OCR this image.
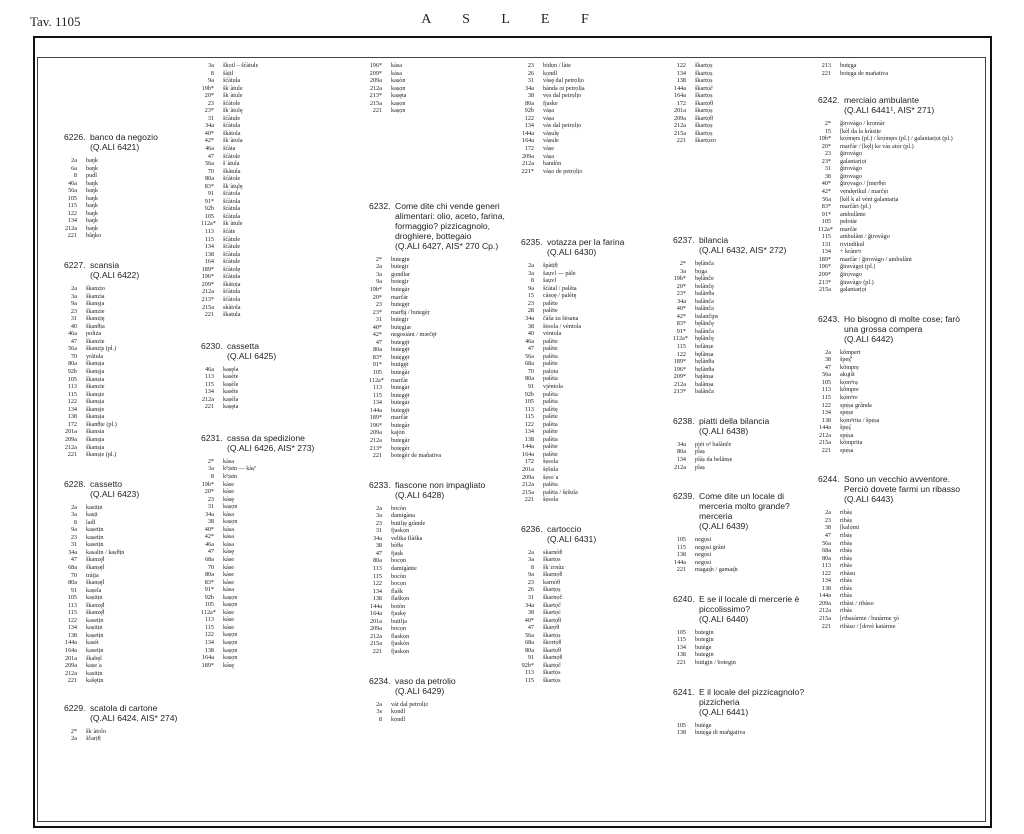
Tav. 1105	A S L E F
6226. banco da negozio
(Q.ALI 6421)
2a	baŋk
6a	baŋk
8	pudl
46a	baŋk
56a	baŋk
105	baŋk
115	baŋk
122	baŋk
134	baŋk
212a	baŋk
221	bãŋko
6227. scansia
(Q.ALI 6422)
2a	škanzịo
3a	škanzia
9a	škanṣja
23	škanzie
31	škanzịę
40	škanθia
46a	poliza
47	škanzie
56a	škanzi̯s (pl.)
70	yrãtula
80a	škanṣịa
92b	škanṣja
105	škanṣia
113	škanzie
115	škanṣịe
122	škanṣịa
134	škanṣịe
138	škanṣịa
172	škanθịe (pl.)
201a	škansia
209a	škanṣịa
212a	škanṣịa
221	škanṣịe (pl.)
6228. cassetto
(Q.ALI 6423)
2a	kasitịn
3a	kaṣịt
8	ladl
9a	kaṣetịn
23	kaṣetịn
31	kasetịn
34a	kasalin / kaṣθịn
47	škanzę̈l
68a	škanṣę̈l
70	tràịịa
80a	škanṣę̈l
91	kaṣela
105	kaṣitịn
113	škanzę̈l
115	škanzę̈l
122	kasetịn
134	kaṣitịn
138	kaṣetịn
144a	kasét
164a	kasetịn
201a	škabęl
209a	kaṣe˙a
212a	kasitịn
221	kašętịn
6229. scatola di cartone
(Q.ALI 6424, AIS* 274)
2*	šk˙àtolo
2a	ščarịθ̣
3a	škọtl – šćàtule
8	šàịtl
9a	šćàtula
19b*	šk˙àtule
20*	šk˙àtule
23	šćàtole
23*	šk˙àtolę
31	šćàtule
34a	šćàtula
40*	škàtola
42*	šk˙àtola
46a	šćàta
47	šćàtole
56a	š˙àtula
70	škàtula
80a	šćàtole
83*	šk˙àtųlę
91	šćàtola
91*	šćàtola
92b	šćàtula
105	šćàtula
112a*	šk˙àtule
113	šćàte
115	šćàtule
134	šćàtule
138	šćàtula
164	šćàtule
189*	šćàtolę
196*	šćàtula
209*	škàtọịa
212a	šćàtula
213*	šćàtola
215a	skàtola
221	škatula
6230. cassetta
(Q.ALI 6425)
46a	kaṣęla
113	kasète
115	kaṣèle
134	kasète
212a	kaṣèla
221	kaṣęta
6231. cassa da spedizione
(Q.ALI 6426, AIS* 273)
2*	kàsa
3a	kʰịstn — kàṣª
8	kʰịstn
19b*	kàse
20*	kàse
23	kàsę
31	kaṣọn
34a	kàsa
38	kaṣọn
40*	kàsa
42*	kàsa
46a	kàsa
47	kàsę
68a	kàse
70	kàse
80a	kàse
83*	kàse
91*	kàsa
92b	kaṣọn
105	kaṣọn
112a*	kàse
113	kàse
115	kàse
122	kaṣọn
134	kaṣọn
138	kaṣọn
164a	kaṣọn
189*	kàsę
196*	kàsa
209*	kàsa
209a	kaṣòn
212a	kaṣọn
213*	kaṣęta
215a	kaṣọn
221	kaṣọn
6232. Come dite chi vende generi alimentari: olio, aceto, farina, formaggio? pizzicagnolo, droghiere, bottegaio
(Q.ALI 6427, AIS* 270 Cp.)
2*	butegịn
2a	butegịr
3a	gọndlar
9a	botegịr
19b*	butegàr
20*	marčàr
23	butegę̈r
23*	marθ̣ą́ / butegè̤r
31	butegịr
40*	butẹgịar
42*	negosiànt / mərčę̈r
47	butegę̈r
80a	butegę̈r
83*	butẹ́gę̈r
91*	butigę̈r
105	butegàr
112a*	marčàr
113	butegàr
115	butegę̈r
134	butegàr
144a	butegę̈r
189*	marčàr
196*	butegàr
209a	kaj̣òn
212a	butegàr
213*	bọtẹgèr
221	botegèr de mañativa
6233. fiascone non impagliato
(Q.ALI 6428)
2a	bocòn
3a	damigàna
23	butilịę grànde
31	fjaskọn
34a	velika flàška
38	bòθa
47	fjaṣk
80a	bocọn
113	damigànte
115	bocòn
122	bocọn
134	flašk
138	flaškọn
144a	botòn
164a	fjaṣkę
201a	butilja
209a	bocọn
212a	flaskọn
215a	fjaskòn
221	fjaskọn
6234. vaso da petrolio
(Q.ALI 6429)
2a	vàt dal petrolịo
3s	kọndl
8	kọndl
23	bidọn / làte
26	kọndl
31	vàsę dal petrọlịo
34a	bànda ot petrọlịa
38	vẹ́s dal petrọlịo
80a	fjaske
92b	vàṣa
122	vàṣa
134	vàs dal petrọlịo
144a	vàṣulę
164a	vàṣule
172	vàṣe
209a	vàṣa
212a	bandòn
221*	vàṣo de petrọ́lịo
6235. votazza per la farina
(Q.ALI 6430)
2a	špàtịθ̣
3a	šaụvl — pàle
8	šaụvl
9a	šćàtal / palèta
15	càṣọę / palètę
23	palète
28	palète
34a	čàša za šėsana
38	šėsola / vèntola
40	vèntola
46a	palète
47	palète
56a	palèta
68a	palète
70	palọta
80a	palèta
91	vjèntola
92b	palèta
105	palèta
113	palètę
115	palète
122	palèta
134	palète
138	palèta
144a	palète
164a	palète
172	šẹ́sola
201a	šẹ́šula
209a	šẹ́so˙a
212a	palèta
215a	palèta / šẹ́šula
221	šẹ́sola
6236. cartoccio
(Q.ALI 6431)
2a	skarnòθ̣
3a	škartọ́s
8	šk˙ɛ́rnùz
9a	škarnọ̀θ̣
23	karnòθ̣
26	škarṭọ́ṣ
31	škarnọ́č
34a	škartọ́č
38	škartọ́ć
40*	škartọ́θ̣
47	škarọ́θ̣
56a	škartọ́ṣ
68a	škortọ́θ̣
80a	škartọ́θ̣
91	škarnọ́θ̣
92b*	škartọ́č
113	škartọ́s
115	škartọ́s
122	škartọ́ṣ
134	škartọ́ṣ
138	škartọ́ṣ
144a	škartọ́č
164a	škartọ́ṣ
172	škartọ́θ̣
201a	škartọ́ṣ
209a	škartọ́θ̣
212a	škartọ́ṣ
215a	škartọ́ṣ
221	škartọ́zo
6237. bilancia
(Q.ALI 6432, AIS* 272)
2*	bęlãnča
3a	bọ́ga
19b*	bęlãnče
20*	belãnčę
23*	balãnθa
34a	balãnča
40*	balãnča
42*	balanči̯ns
83*	bęlãnčę
91*	balãnča
112a*	bęlãnčę
115	belãnṣe
122	bęlãnṣa
189*	bẹlãnθa
196*	bẹlãnθa
209*	bajãnṣa
212a	balãnṣa
213*	balãnča
6238. piatti della bilancia
(Q.ALI 6438)
34a	pjèt oᵈ balãnče
80a	plaṣ
134	plàṣ da belãnṣe
212a	plaṣ
6239. Come dite un locale di merceria molto grande? merceria
(Q.ALI 6439)
105	negọ́si
115	negọ́si grãnt
138	negọ́si
144a	negọ́si
221	magaṣ̣̂n / gamaṣ̣̂n
6240. E se il locale di mercerie è piccolissimo?
(Q.ALI 6440)
105	butegịn
115	botegịn
134	butège
138	butegịn
221	butigịn / botegịn
6241. E il locale del pizzicagnolo? pizzicheria
(Q.ALI 6441)
105	butège
138	butẹ́ga di mañgativa
213	butẹ́ga
221	botẹ́ga de mañativa
6242. merciaio ambulante
(Q.ALI 6441¹, AIS* 271)
2*	ğirovàgo / krọmàr
15	[kèl da la kràsițe
19b*	krọ́męrs (pl.) / krọ́męrs (pl.) / galantarịọt (pl.)
20*	marčàr / [kęlj ke vàṣ atọ́r (pl.)
23	ğirovàgo
23*	galantarịọt
31	ğirovàgo
38	ğirovago
40*	ğirọ́vago / ʃmẹrθẹ́r
42*	vẹndęrikul / marčẹ́r
56a	[kèl k al vènt galantarịa
83*	marčãri (pl.)
91*	ambulãnte
105	pełotàr
112a*	marčàr
115	ambulãnt / ğirovàgo
131	rivindikul
134	+ kràmᵉr
189*	marčàr / ğirovàgo / ambulãnt
196*	ğiravàgọt (pl.)
209*	ğirọ́vago
213*	ğiravàgo (pl.)
215a	galantarịọt
6243. Ho bisogno di molte cose; farò una grossa compera
(Q.ALI 6442)
2a	kõmpert
38	špeṣ̣̂ª
47	kõmprẹ
56a	akųịšt
105	kọ́mᵖrạ
113	kõmpre
115	kọ́mᵖre
122	spẹ́ṣa grãnda
134	spẹ́ṣe
138	kọ́mᵖrita / špẹ́ṣa
144a	špẹṣ̣̂
212a	spẹ́ṣa
215a	kõmprita
221	spẹ́ṣa
6244. Sono un vecchio avventore. Perciò dovete farmi un ribasso
(Q.ALI 6443)
2a	ribàṣ
23	ribàṣ
38	[kalọ́mi
47	ribàṣ
56a	ribàṣ
68a	ribàṣ
80a	ribàṣ
113	ribàs
122	ribàsu
134	ribàs
138	ribàs
144a	ribàs
209a	ribàsi / ribàso
212a	ribàs
215a	[ribasàrme / butàrme ʒó
221	ribàso / [dovè katàrme
